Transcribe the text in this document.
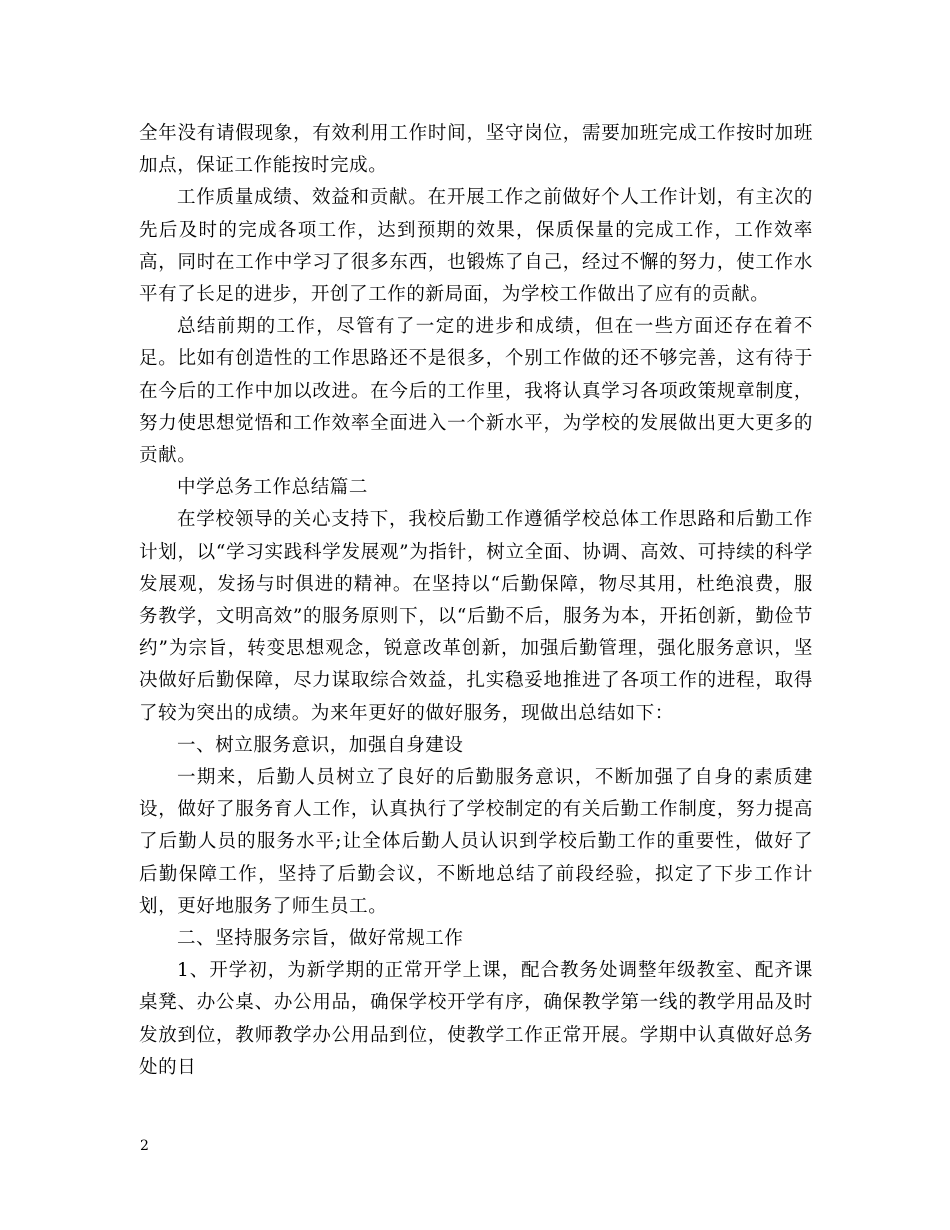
全年没有请假现象，有效利用工作时间，坚守岗位，需要加班完成工作按时加班加点，保证工作能按时完成。

工作质量成绩、效益和贡献。在开展工作之前做好个人工作计划，有主次的先后及时的完成各项工作，达到预期的效果，保质保量的完成工作，工作效率高，同时在工作中学习了很多东西，也锻炼了自己，经过不懈的努力，使工作水平有了长足的进步，开创了工作的新局面，为学校工作做出了应有的贡献。

总结前期的工作，尽管有了一定的进步和成绩，但在一些方面还存在着不足。比如有创造性的工作思路还不是很多，个别工作做的还不够完善，这有待于在今后的工作中加以改进。在今后的工作里，我将认真学习各项政策规章制度，努力使思想觉悟和工作效率全面进入一个新水平，为学校的发展做出更大更多的贡献。

中学总务工作总结篇二

在学校领导的关心支持下，我校后勤工作遵循学校总体工作思路和后勤工作计划，以“学习实践科学发展观”为指针，树立全面、协调、高效、可持续的科学发展观，发扬与时俱进的精神。在坚持以“后勤保障，物尽其用，杜绝浪费，服务教学，文明高效”的服务原则下，以“后勤不后，服务为本，开拓创新，勤俭节约”为宗旨，转变思想观念，锐意改革创新，加强后勤管理，强化服务意识，坚决做好后勤保障，尽力谋取综合效益，扎实稳妥地推进了各项工作的进程，取得了较为突出的成绩。为来年更好的做好服务，现做出总结如下：

一、树立服务意识，加强自身建设

一期来，后勤人员树立了良好的后勤服务意识，不断加强了自身的素质建设，做好了服务育人工作，认真执行了学校制定的有关后勤工作制度，努力提高了后勤人员的服务水平;让全体后勤人员认识到学校后勤工作的重要性，做好了后勤保障工作，坚持了后勤会议，不断地总结了前段经验，拟定了下步工作计划，更好地服务了师生员工。

二、坚持服务宗旨，做好常规工作

1、开学初，为新学期的正常开学上课，配合教务处调整年级教室、配齐课桌凳、办公桌、办公用品，确保学校开学有序，确保教学第一线的教学用品及时发放到位，教师教学办公用品到位，使教学工作正常开展。学期中认真做好总务处的日

2
